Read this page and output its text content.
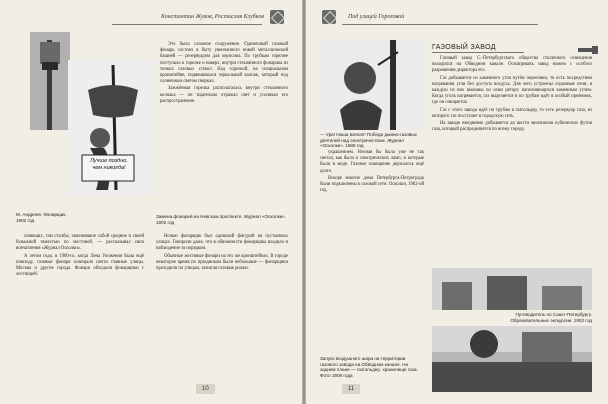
Константин Жуков, Ростислав Клубков
Лучше поздно,
чем никогда!
М. Андреев. Фонарщик. 1902 год
Заменa фонарей на Невском проспекте. Журнал «Осколки». 1902 год

Это было сложное сооружение. Одиночный газовый фонарь состоял в быту увенчанного новой металлической башней — резервуаром для керосина. По трубкам горючее поступало к горелке и наверх, внутри стеклянного фонарика из тонких газовых стекол. Над горелкой, на специальном кронштейне, подвешивался зеркальный колпак, который под солнечным светом сверкал.

Зажжённая горелка располагалась внутри стеклянного колпака — он тщательно отражал свет и усиливал его распространение.

сияющих, там столбы, заменившие собой средние и своей бумажной тяжестью по мостовой, — рассказывал свои впечатления «Журнал Осколки».

А летом года, в 1900-го, когда Лена Уложения была ещё повсюду, газовые фонари освещали почти главные улицы. Москва и другие города. Фонари обходили фонарщики с лестницей.

Ночью фонарщик был одинокой фигурой на пустынных улицах. Говорили даже, что в обязанности фонарщика входило и наблюдение за порядком.

Обычные жестяные фонари на тех же кронштейнах. В городе некоторое время по праздникам были небольшие — фонарщики проходили по улицам, зажигая газовые рожки.

10
Под улицей Гороховой
— Ура! Наша взяла!!! Победа дымно-газовых деятелей над электричеством. Журнал «Осколки». 1886 год
ГАЗОВЫЙ ЗАВОД

Газовый завод С.-Петербургского общества столичного освещения находился на Обводном канале. Осматривать завод можно с особого разрешения директора его.

Газ добывается из каменного угля путём перегонки, то есть посредством нагревания угля без доступа воздуха. Для чего устроены огромные печи, в каждую из них вмазаны по семи реторт, наполняющихся каменным углем. Когда уголь нагревается, газ выделяется и по трубам идёт в особый приёмник, где он очищается.

Газ с этого завода идёт по трубам в газгольдер, то есть резервуар газа, из которого газ поступает в городскую сеть.

На заводе ежедневно добывается до шести миллионов кубических футов газа, который распределяется по всему городу.

украшением. Ночная бы была уже не так светла, как была и электрических ламп, и которые были в моде. Газовое освещение держалось ещё долго.

Вскоре многие дома Петербурга-Петрограда были подключены к газовой сети. Осколки, 1902-ой год.

Путеводитель по Санкт-Петербургу. Образовательные экскурсии. 1902 год
Запуск воздушного шара на территории газового завода на Обводном канале. На заднем плане — газгольдер, хранилище газа. Фото 1909 года
11
